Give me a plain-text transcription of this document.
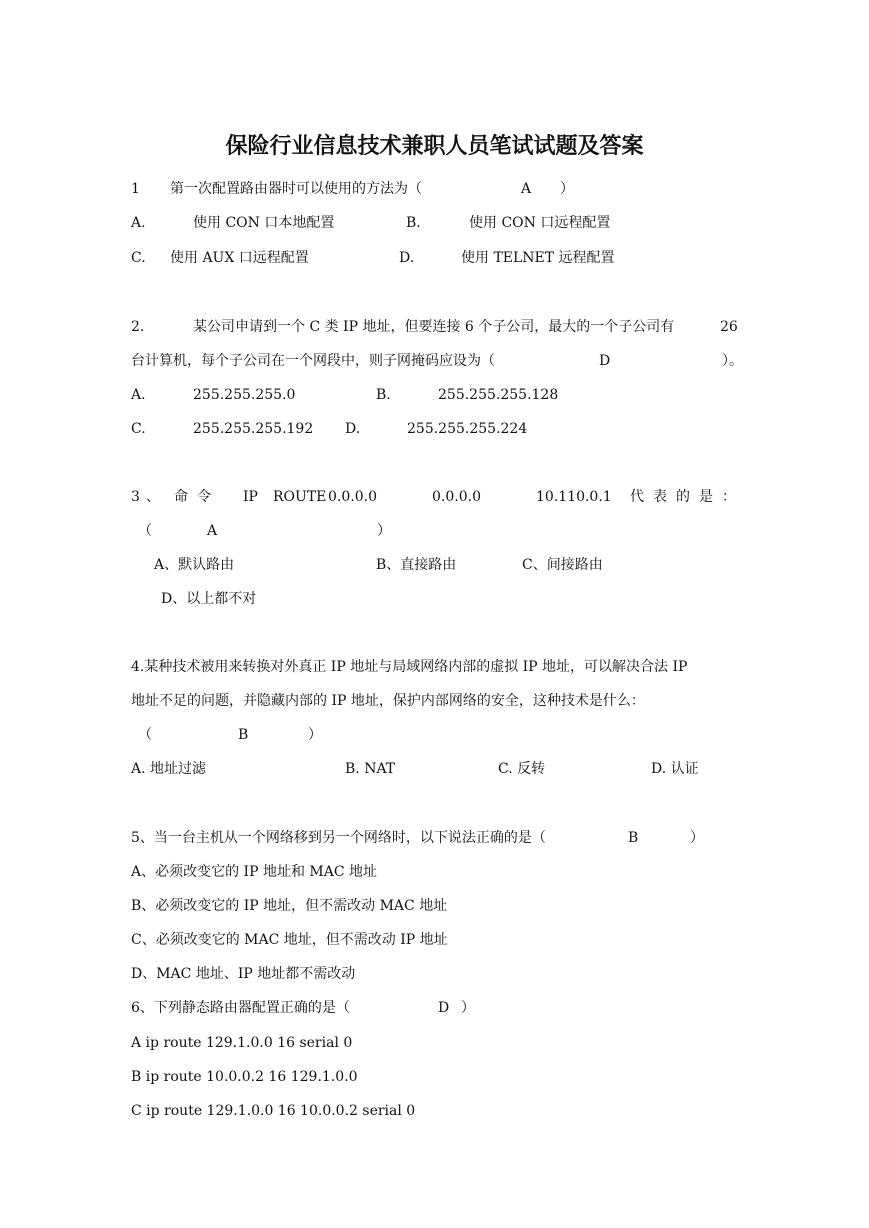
保险行业信息技术兼职人员笔试试题及答案
1 第一次配置路由器时可以使用的方法为（	A ）
A.	使用 CON 口本地配置	B.	使用 CON 口远程配置
C. 使用 AUX 口远程配置	D.	使用 TELNET 远程配置
2.	某公司申请到一个 C 类 IP 地址，但要连接 6 个子公司，最大的一个子公司有	26
台计算机，每个子公司在一个网段中，则子网掩码应设为（	D	）。
A.	255.255.255.0	B.	255.255.255.128
C.	255.255.255.192 D.	255.255.255.224
3 、 命令 IP ROUTE 0.0.0.0	0.0.0.0	10.110.0.1 代表的是：
（	A	）
A、默认路由	B、直接路由	C、间接路由
D、以上都不对
4.某种技术被用来转换对外真正 IP 地址与局域网络内部的虚拟 IP 地址，可以解决合法 IP
地址不足的问题，并隐藏内部的 IP 地址，保护内部网络的安全，这种技术是什么：
（	B	）
A. 地址过滤	B. NAT	C. 反转	D. 认证
5、当一台主机从一个网络移到另一个网络时，以下说法正确的是（	B	）
A、必须改变它的 IP 地址和 MAC 地址
B、必须改变它的 IP 地址，但不需改动 MAC 地址
C、必须改变它的 MAC 地址，但不需改动 IP 地址
D、MAC 地址、IP 地址都不需改动
6、下列静态路由器配置正确的是（	D ）
A ip route 129.1.0.0 16 serial 0
B ip route 10.0.0.2 16 129.1.0.0
C ip route 129.1.0.0 16 10.0.0.2 serial 0
